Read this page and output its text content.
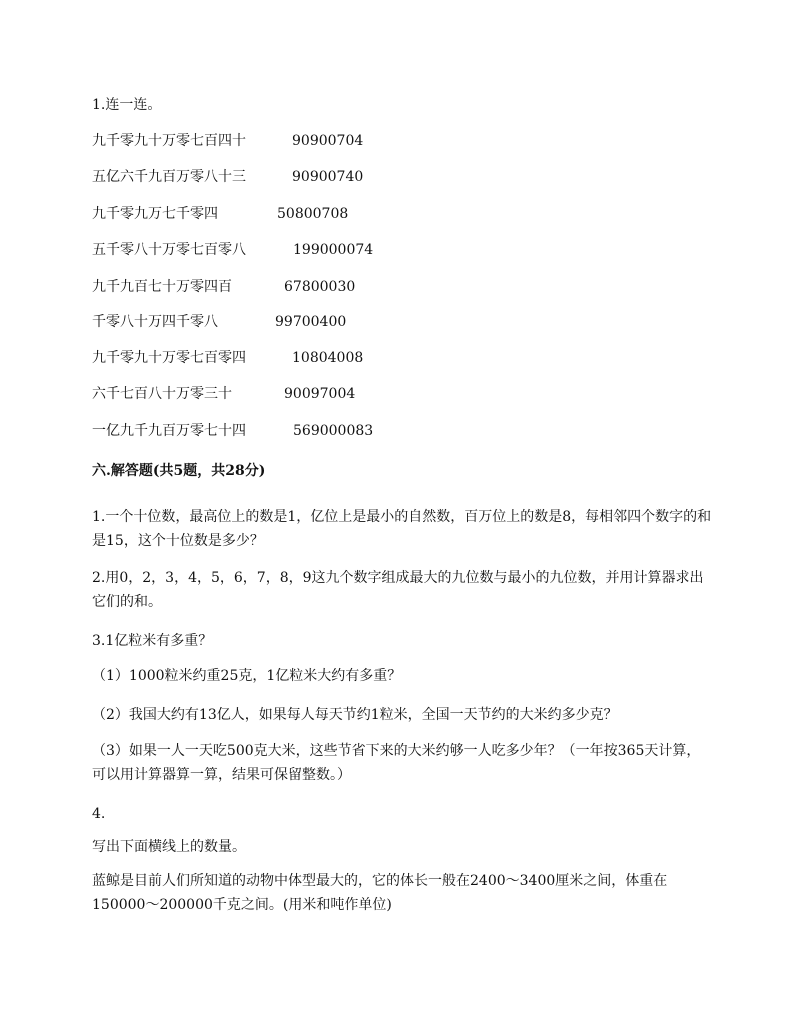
1.连一连。
九千零九十万零七百四十	90900704
五亿六千九百万零八十三	90900740
九千零九万七千零四	50800708
五千零八十万零七百零八	199000074
九千九百七十万零四百	67800030
千零八十万四千零八	99700400
九千零九十万零七百零四	10804008
六千七百八十万零三十	90097004
一亿九千九百万零七十四	569000083
六.解答题(共5题，共28分)
1.一个十位数，最高位上的数是1，亿位上是最小的自然数，百万位上的数是8，每相邻四个数字的和是15，这个十位数是多少？
2.用0，2，3，4，5，6，7，8，9这九个数字组成最大的九位数与最小的九位数，并用计算器求出它们的和。
3.1亿粒米有多重？
（1）1000粒米约重25克，1亿粒米大约有多重？
（2）我国大约有13亿人，如果每人每天节约1粒米，全国一天节约的大米约多少克？
（3）如果一人一天吃500克大米，这些节省下来的大米约够一人吃多少年？（一年按365天计算，可以用计算器算一算，结果可保留整数。）
4.
写出下面横线上的数量。
蓝鲸是目前人们所知道的动物中体型最大的，它的体长一般在2400～3400厘米之间，体重在150000～200000千克之间。(用米和吨作单位)
